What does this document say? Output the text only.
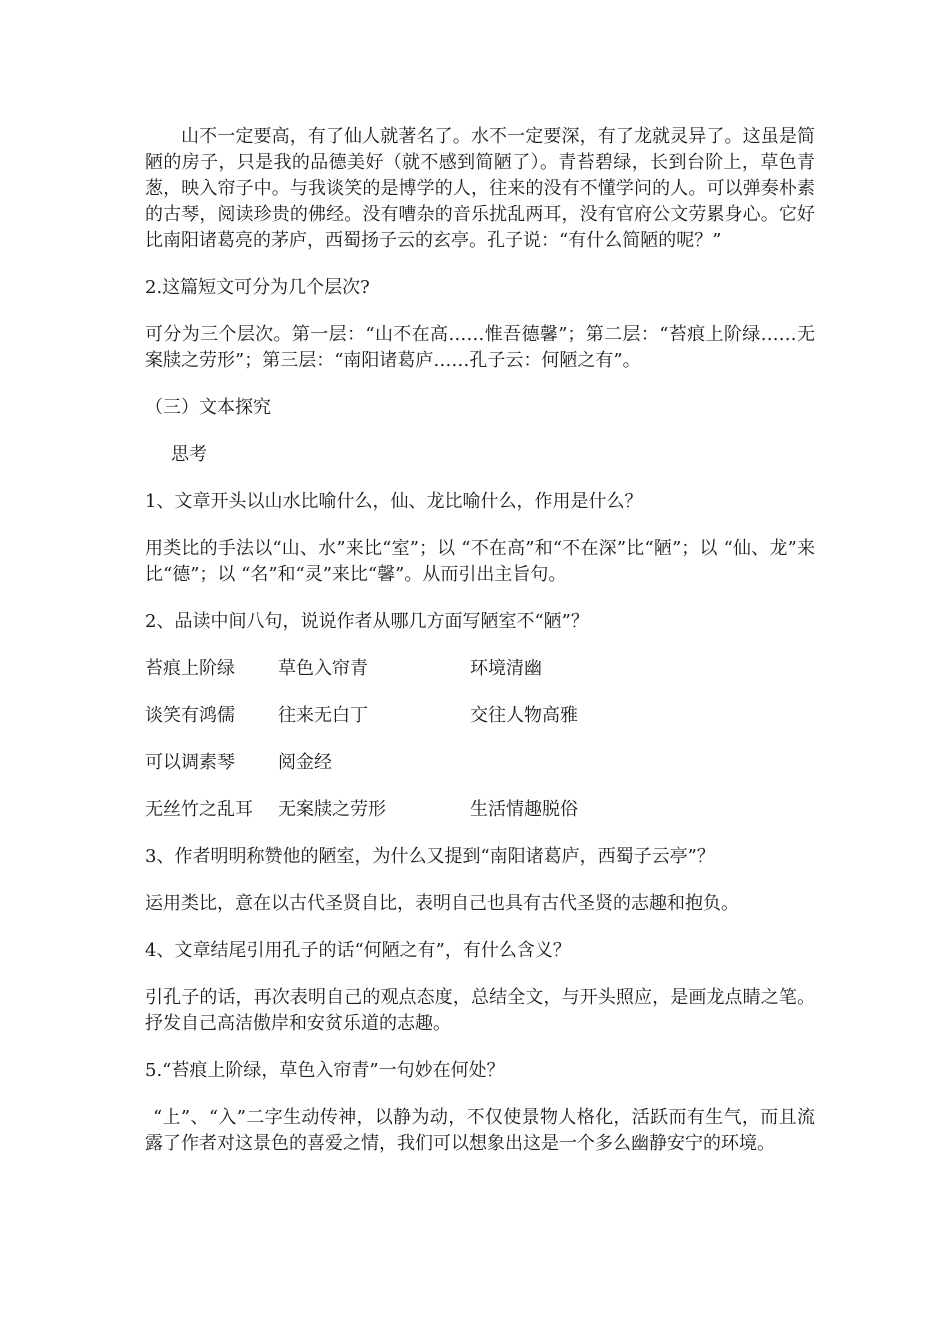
山不一定要高，有了仙人就著名了。水不一定要深，有了龙就灵异了。这虽是简陋的房子，只是我的品德美好（就不感到简陋了）。青苔碧绿，长到台阶上，草色青葱，映入帘子中。与我谈笑的是博学的人，往来的没有不懂学问的人。可以弹奏朴素的古琴，阅读珍贵的佛经。没有嘈杂的音乐扰乱两耳，没有官府公文劳累身心。它好比南阳诸葛亮的茅庐，西蜀扬子云的玄亭。孔子说：“有什么简陋的呢？”

2.这篇短文可分为几个层次?

可分为三个层次。第一层：“山不在高……惟吾德馨”；第二层：“苔痕上阶绿……无案牍之劳形”；第三层：“南阳诸葛庐……孔子云：何陋之有”。

（三）文本探究

思考

1、文章开头以山水比喻什么，仙、龙比喻什么，作用是什么？

用类比的手法以“山、水”来比“室”；以 “不在高”和“不在深”比“陋”；以 “仙、龙”来比“德”；以 “名”和“灵”来比“馨”。从而引出主旨句。

2、品读中间八句，说说作者从哪几方面写陋室不“陋”？

苔痕上阶绿	草色入帘青	环境清幽
谈笑有鸿儒	往来无白丁	交往人物高雅
可以调素琴	阅金经
无丝竹之乱耳	无案牍之劳形	生活情趣脱俗

3、作者明明称赞他的陋室，为什么又提到“南阳诸葛庐，西蜀子云亭”？

运用类比，意在以古代圣贤自比，表明自己也具有古代圣贤的志趣和抱负。

4、文章结尾引用孔子的话“何陋之有”，有什么含义？

引孔子的话，再次表明自己的观点态度，总结全文，与开头照应，是画龙点睛之笔。抒发自己高洁傲岸和安贫乐道的志趣。

5.“苔痕上阶绿，草色入帘青”一句妙在何处？

“上”、“入”二字生动传神，以静为动，不仅使景物人格化，活跃而有生气，而且流露了作者对这景色的喜爱之情，我们可以想象出这是一个多么幽静安宁的环境。
